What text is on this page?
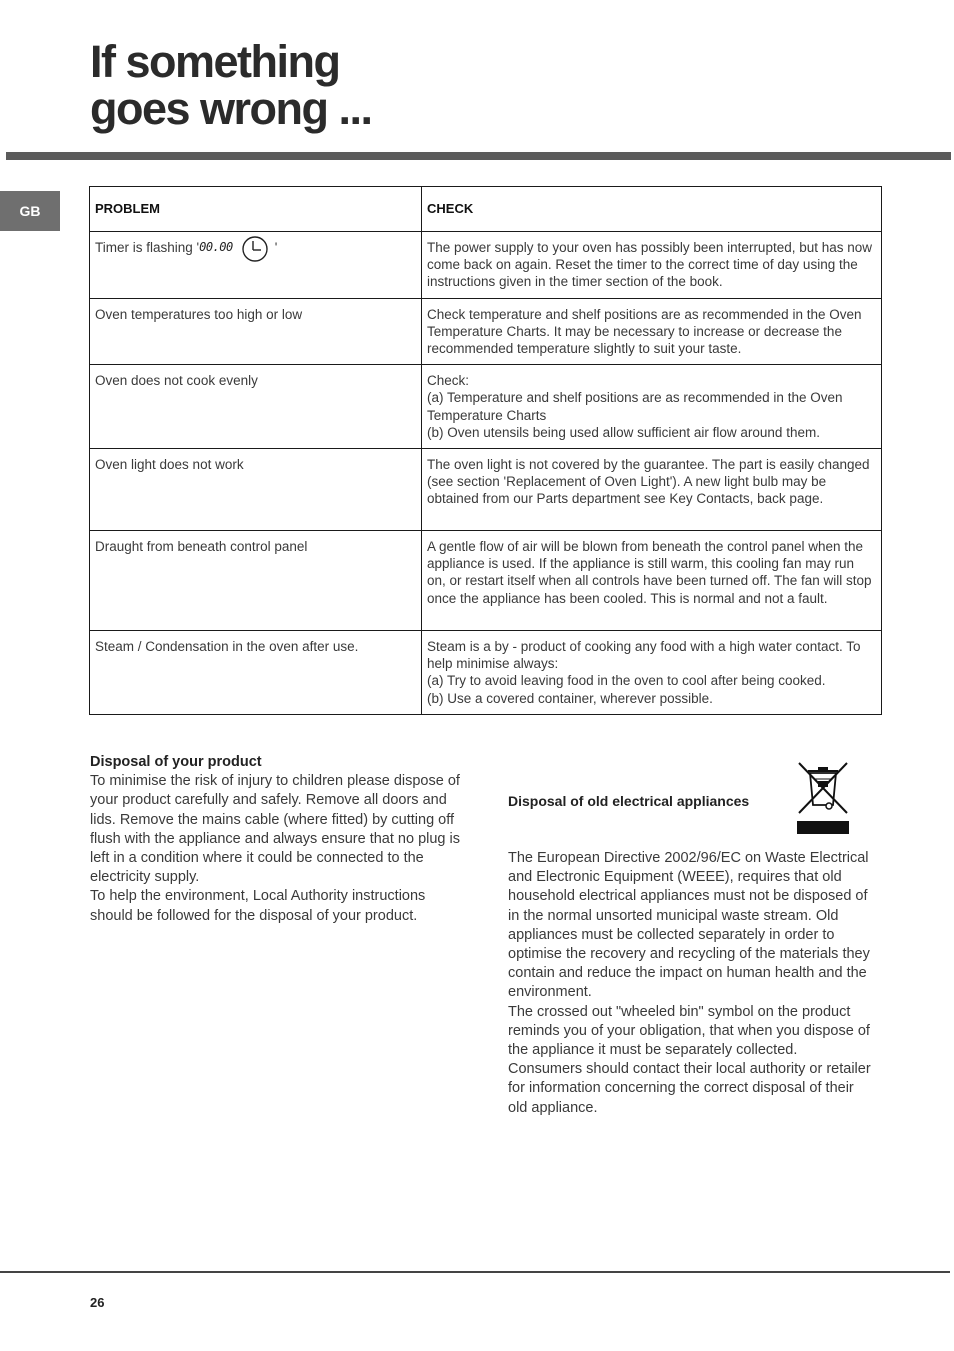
If something
goes wrong ...
GB	PROBLEM	CHECK

Timer is flashing ' 00.00 '	The power supply to your oven has possibly been interrupted, but has now come back on again. Reset the timer to the correct time of day using the instructions given in the timer section of the book.
Oven temperatures too high or low	Check temperature and shelf positions are as recommended in the Oven Temperature Charts. It may be necessary to increase or decrease the recommended temperature slightly to suit your taste.
Oven does not cook evenly	Check:
(a) Temperature and shelf positions are as recommended in the Oven Temperature Charts
(b) Oven utensils being used allow sufficient air flow around them.
Oven light does not work	The oven light is not covered by the guarantee. The part is easily changed (see section 'Replacement of Oven Light'). A new light bulb may be obtained from our Parts department see Key Contacts, back page.
Draught from beneath control panel	A gentle flow of air will be blown from beneath the control panel when the appliance is used. If the appliance is still warm, this cooling fan may run on, or restart itself when all controls have been turned off. The fan will stop once the appliance has been cooled. This is normal and not a fault.
Steam / Condensation in the oven after use.	Steam is a by - product of cooking any food with a high water contact. To help minimise always:
(a) Try to avoid leaving food in the oven to cool after being cooked.
(b) Use a covered container, wherever possible.

Disposal of your product

To minimise the risk of injury to children please dispose of your product carefully and safely. Remove all doors and lids. Remove the mains cable (where fitted) by cutting off flush with the appliance and always ensure that no plug is left in a condition where it could be connected to the electricity supply.
To help the environment, Local Authority instructions should be followed for the disposal of your product.

Disposal of old electrical appliances

The European Directive 2002/96/EC on Waste Electrical and Electronic Equipment (WEEE), requires that old household electrical appliances must not be disposed of in the normal unsorted municipal waste stream. Old appliances must be collected separately in order to optimise the recovery and recycling of the materials they contain and reduce the impact on human health and the environment.
The crossed out "wheeled bin" symbol on the product reminds you of your obligation, that when you dispose of the appliance it must be separately collected.
Consumers should contact their local authority or retailer for information concerning the correct disposal of their old appliance.

26
